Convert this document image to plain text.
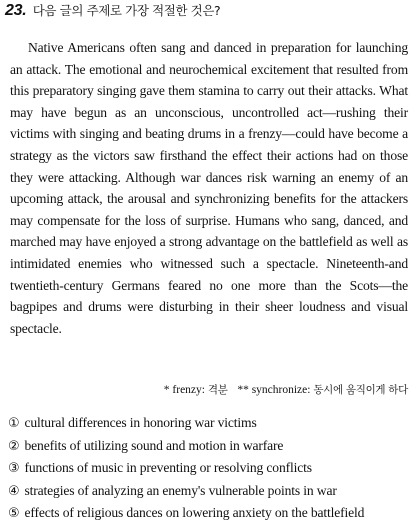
23. 다음 글의 주제로 가장 적절한 것은?

Native Americans often sang and danced in preparation for launching an attack. The emotional and neurochemical excitement that resulted from this preparatory singing gave them stamina to carry out their attacks. What may have begun as an unconscious, uncontrolled act—rushing their victims with singing and beating drums in a frenzy—could have become a strategy as the victors saw firsthand the effect their actions had on those they were attacking. Although war dances risk warning an enemy of an upcoming attack, the arousal and synchronizing benefits for the attackers may compensate for the loss of surprise. Humans who sang, danced, and marched may have enjoyed a strong advantage on the battlefield as well as intimidated enemies who witnessed such a spectacle. Nineteenth-and twentieth-century Germans feared no one more than the Scots—the bagpipes and drums were disturbing in their sheer loudness and visual spectacle.

* frenzy: 격분 ** synchronize: 동시에 움직이게 하다
① cultural differences in honoring war victims
② benefits of utilizing sound and motion in warfare
③ functions of music in preventing or resolving conflicts
④ strategies of analyzing an enemy's vulnerable points in war
⑤ effects of religious dances on lowering anxiety on the battlefield
